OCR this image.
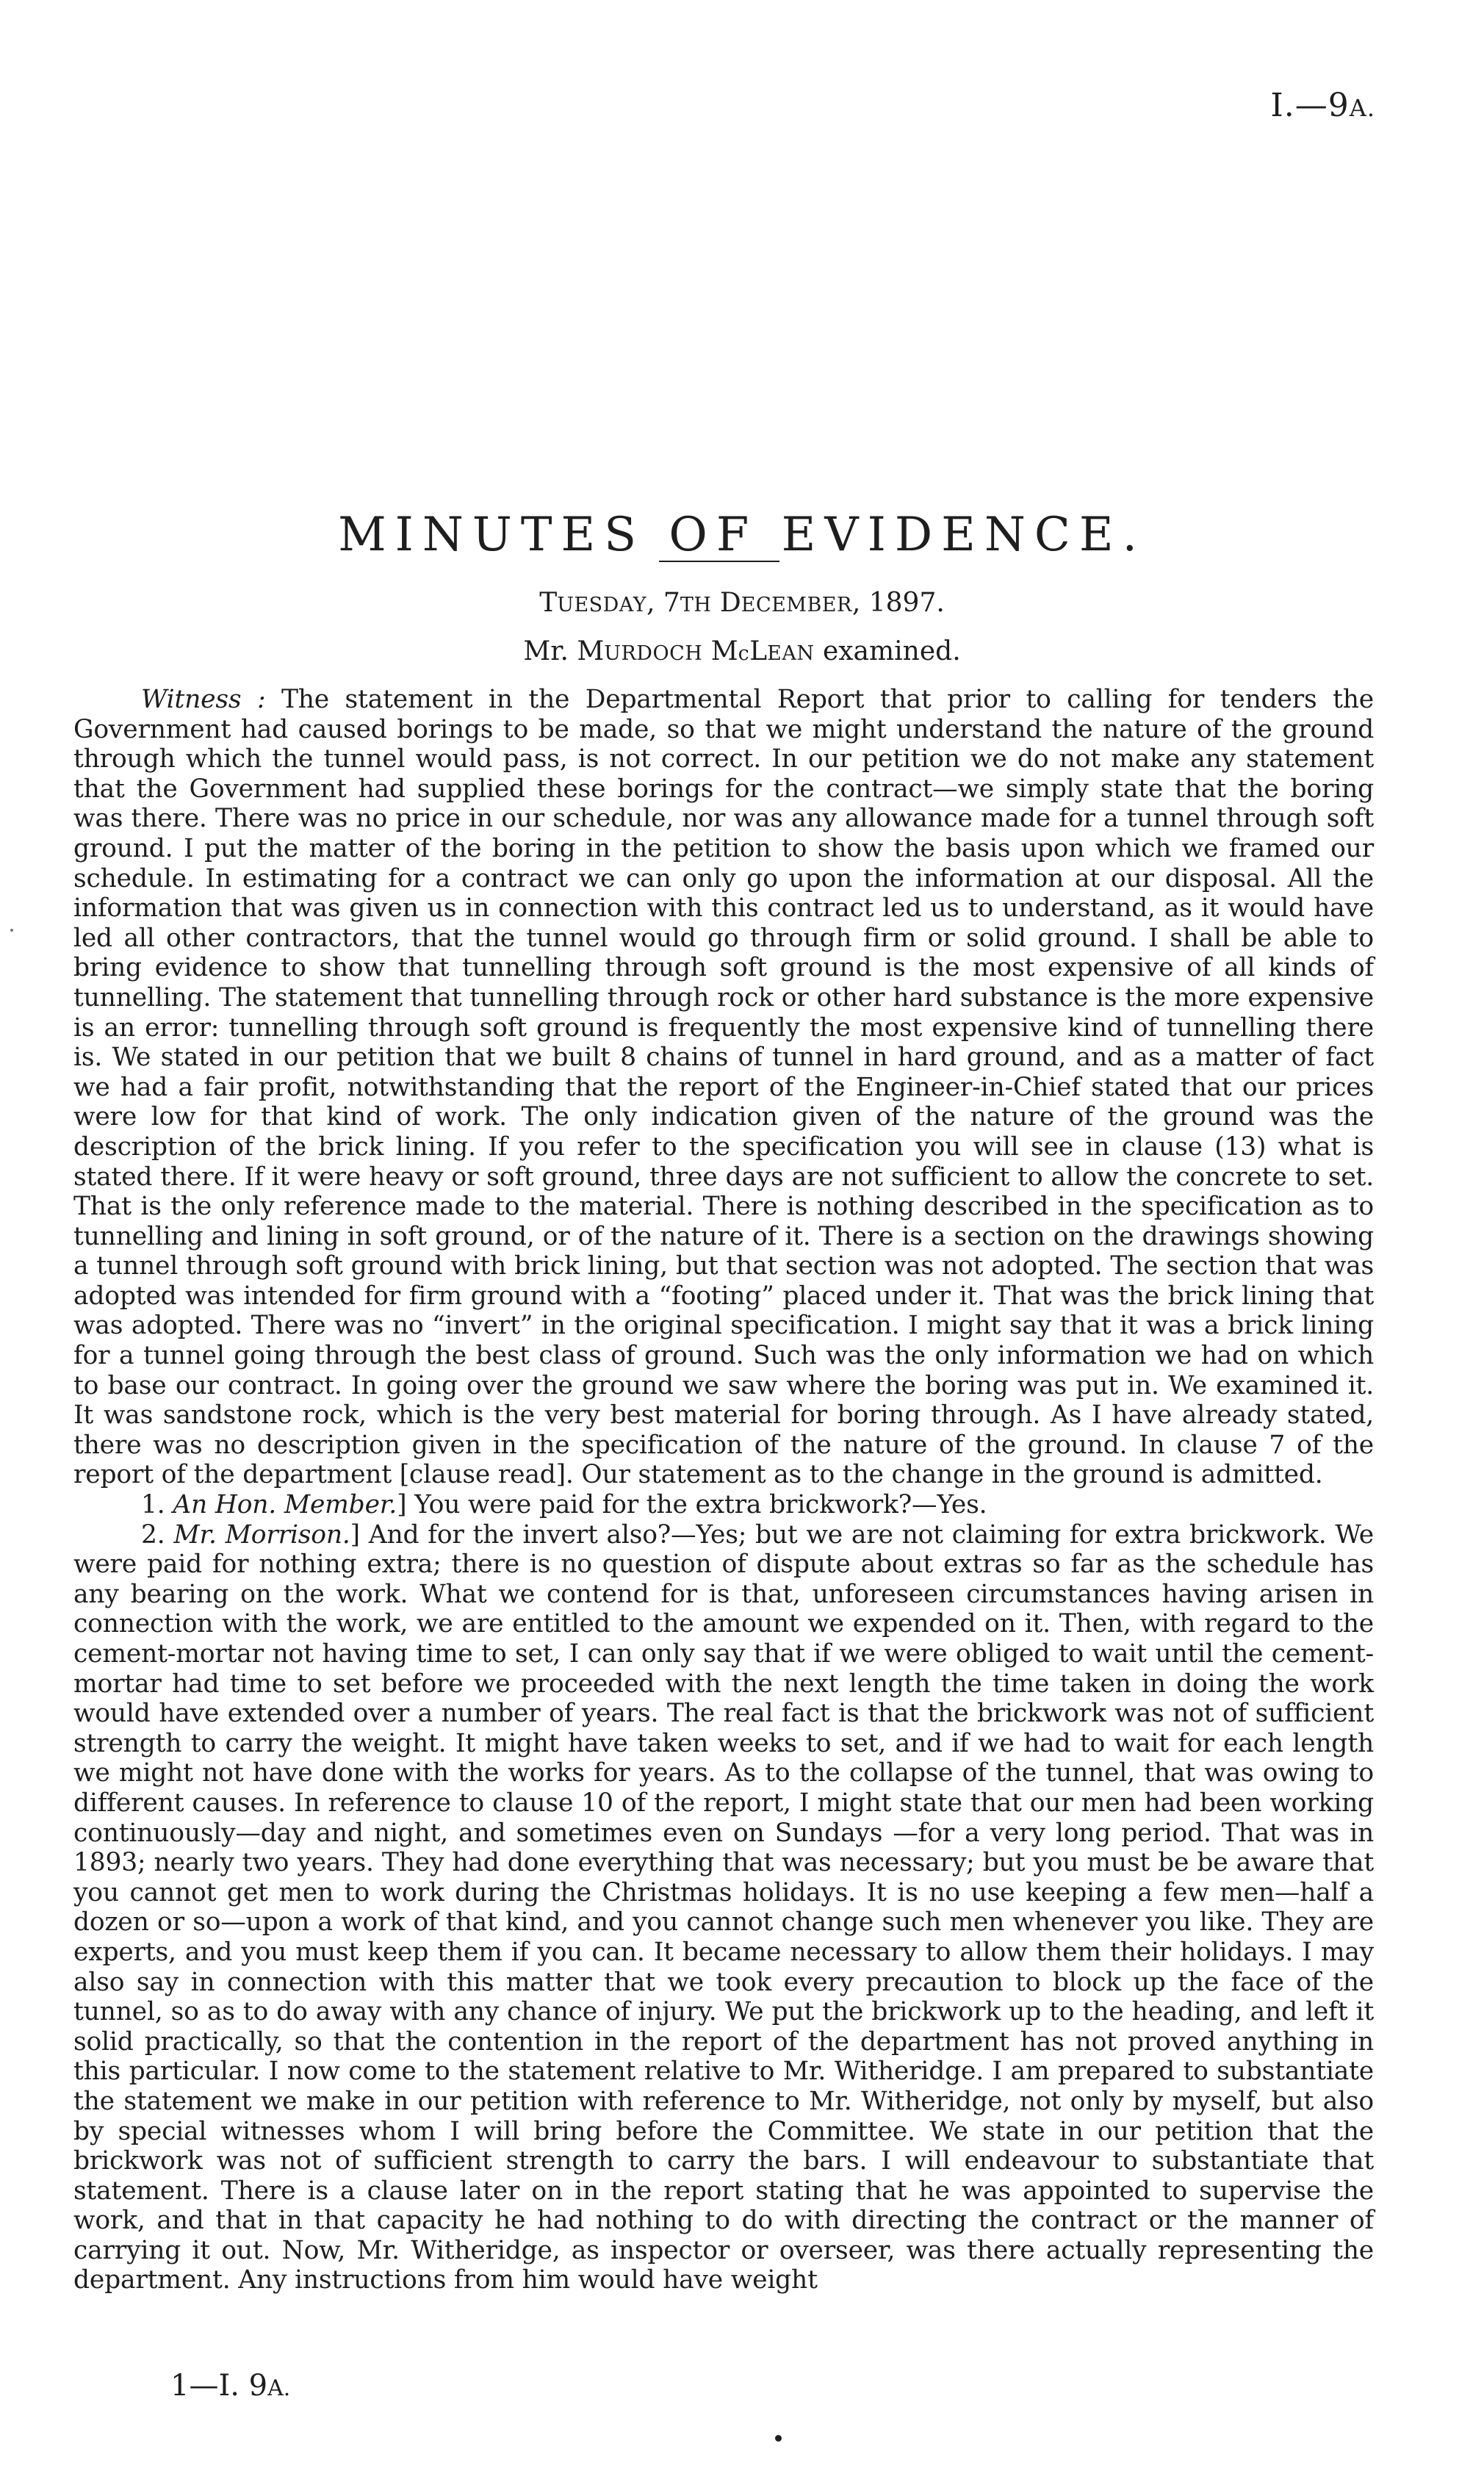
I.—9A.
MINUTES OF EVIDENCE.
TUESDAY, 7TH DECEMBER, 1897.
Mr. MURDOCH McLEAN examined.

Witness : The statement in the Departmental Report that prior to calling for tenders the Government had caused borings to be made, so that we might understand the nature of the ground through which the tunnel would pass, is not correct. In our petition we do not make any statement that the Government had supplied these borings for the contract—we simply state that the boring was there. There was no price in our schedule, nor was any allowance made for a tunnel through soft ground. I put the matter of the boring in the petition to show the basis upon which we framed our schedule. In estimating for a contract we can only go upon the information at our disposal. All the information that was given us in connection with this contract led us to understand, as it would have led all other contractors, that the tunnel would go through firm or solid ground. I shall be able to bring evidence to show that tunnelling through soft ground is the most expensive of all kinds of tunnelling. The statement that tunnelling through rock or other hard substance is the more expensive is an error: tunnelling through soft ground is frequently the most expensive kind of tunnelling there is. We stated in our petition that we built 8 chains of tunnel in hard ground, and as a matter of fact we had a fair profit, notwithstanding that the report of the Engineer-in-Chief stated that our prices were low for that kind of work. The only indication given of the nature of the ground was the description of the brick lining. If you refer to the specification you will see in clause (13) what is stated there. If it were heavy or soft ground, three days are not sufficient to allow the concrete to set. That is the only reference made to the material. There is nothing described in the specification as to tunnelling and lining in soft ground, or of the nature of it. There is a section on the drawings showing a tunnel through soft ground with brick lining, but that section was not adopted. The section that was adopted was intended for firm ground with a “footing” placed under it. That was the brick lining that was adopted. There was no “invert” in the original specification. I might say that it was a brick lining for a tunnel going through the best class of ground. Such was the only information we had on which to base our contract. In going over the ground we saw where the boring was put in. We examined it. It was sandstone rock, which is the very best material for boring through. As I have already stated, there was no description given in the specification of the nature of the ground. In clause 7 of the report of the department [clause read]. Our statement as to the change in the ground is admitted.

1. An Hon. Member.] You were paid for the extra brickwork?—Yes.

2. Mr. Morrison.] And for the invert also?—Yes; but we are not claiming for extra brickwork. We were paid for nothing extra; there is no question of dispute about extras so far as the schedule has any bearing on the work. What we contend for is that, unforeseen circumstances having arisen in connection with the work, we are entitled to the amount we expended on it. Then, with regard to the cement-mortar not having time to set, I can only say that if we were obliged to wait until the cement-mortar had time to set before we proceeded with the next length the time taken in doing the work would have extended over a number of years. The real fact is that the brickwork was not of sufficient strength to carry the weight. It might have taken weeks to set, and if we had to wait for each length we might not have done with the works for years. As to the collapse of the tunnel, that was owing to different causes. In reference to clause 10 of the report, I might state that our men had been working continuously—day and night, and sometimes even on Sundays —for a very long period. That was in 1893; nearly two years. They had done everything that was necessary; but you must be be aware that you cannot get men to work during the Christmas holidays. It is no use keeping a few men—half a dozen or so—upon a work of that kind, and you cannot change such men whenever you like. They are experts, and you must keep them if you can. It became necessary to allow them their holidays. I may also say in connection with this matter that we took every precaution to block up the face of the tunnel, so as to do away with any chance of injury. We put the brickwork up to the heading, and left it solid practically, so that the contention in the report of the department has not proved anything in this particular. I now come to the statement relative to Mr. Witheridge. I am prepared to substantiate the statement we make in our petition with reference to Mr. Witheridge, not only by myself, but also by special witnesses whom I will bring before the Committee. We state in our petition that the brickwork was not of sufficient strength to carry the bars. I will endeavour to substantiate that statement. There is a clause later on in the report stating that he was appointed to supervise the work, and that in that capacity he had nothing to do with directing the contract or the manner of carrying it out. Now, Mr. Witheridge, as inspector or overseer, was there actually representing the department. Any instructions from him would have weight

1—I. 9A.
